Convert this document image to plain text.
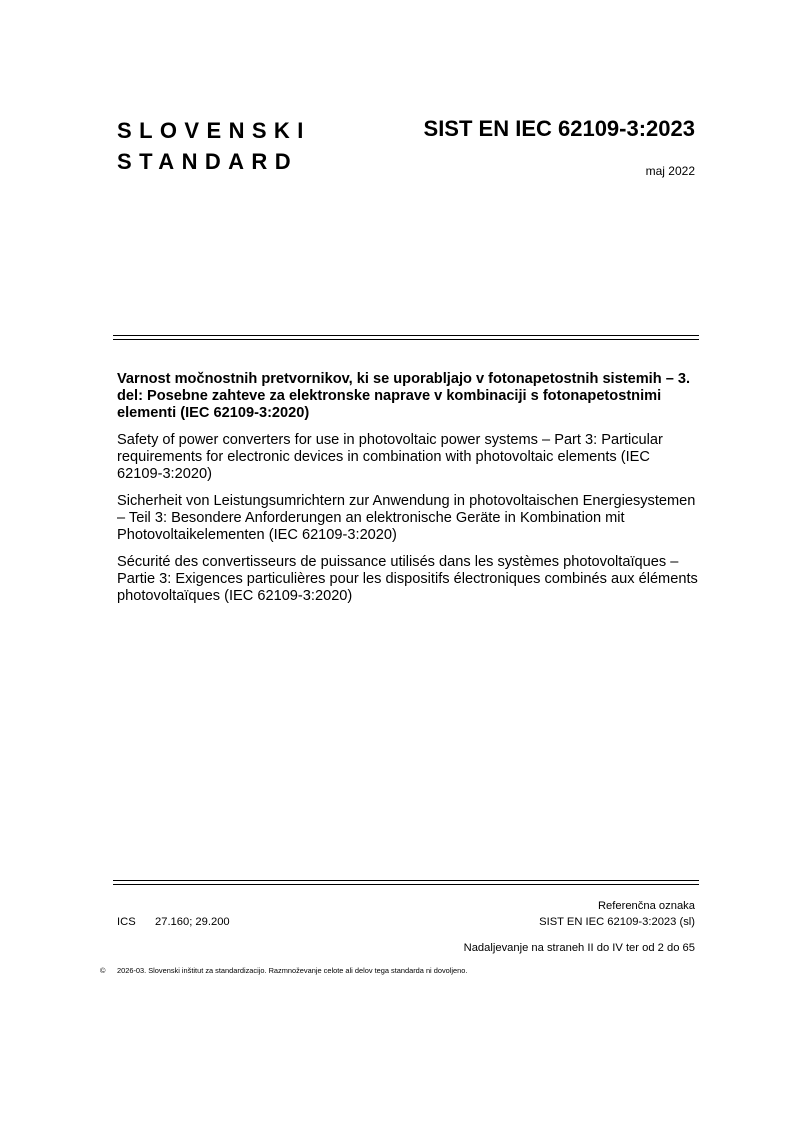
SLOVENSKI
STANDARD
SIST EN IEC 62109-3:2023
maj 2022

Varnost močnostnih pretvornikov, ki se uporabljajo v fotonapetostnih sistemih – 3. del: Posebne zahteve za elektronske naprave v kombinaciji s fotonapetostnimi elementi (IEC 62109-3:2020)

Safety of power converters for use in photovoltaic power systems – Part 3: Particular requirements for electronic devices in combination with photovoltaic elements (IEC 62109-3:2020)

Sicherheit von Leistungsumrichtern zur Anwendung in photovoltaischen Energiesystemen – Teil 3: Besondere Anforderungen an elektronische Geräte in Kombination mit Photovoltaikelementen (IEC 62109-3:2020)

Sécurité des convertisseurs de puissance utilisés dans les systèmes photovoltaïques – Partie 3: Exigences particulières pour les dispositifs électroniques combinés aux éléments photovoltaïques (IEC 62109-3:2020)

Referenčna oznaka
ICS 27.160; 29.200	SIST EN IEC 62109-3:2023 (sl)
Nadaljevanje na straneh II do IV ter od 2 do 65
© 2026-03. Slovenski inštitut za standardizacijo. Razmnoževanje celote ali delov tega standarda ni dovoljeno.
